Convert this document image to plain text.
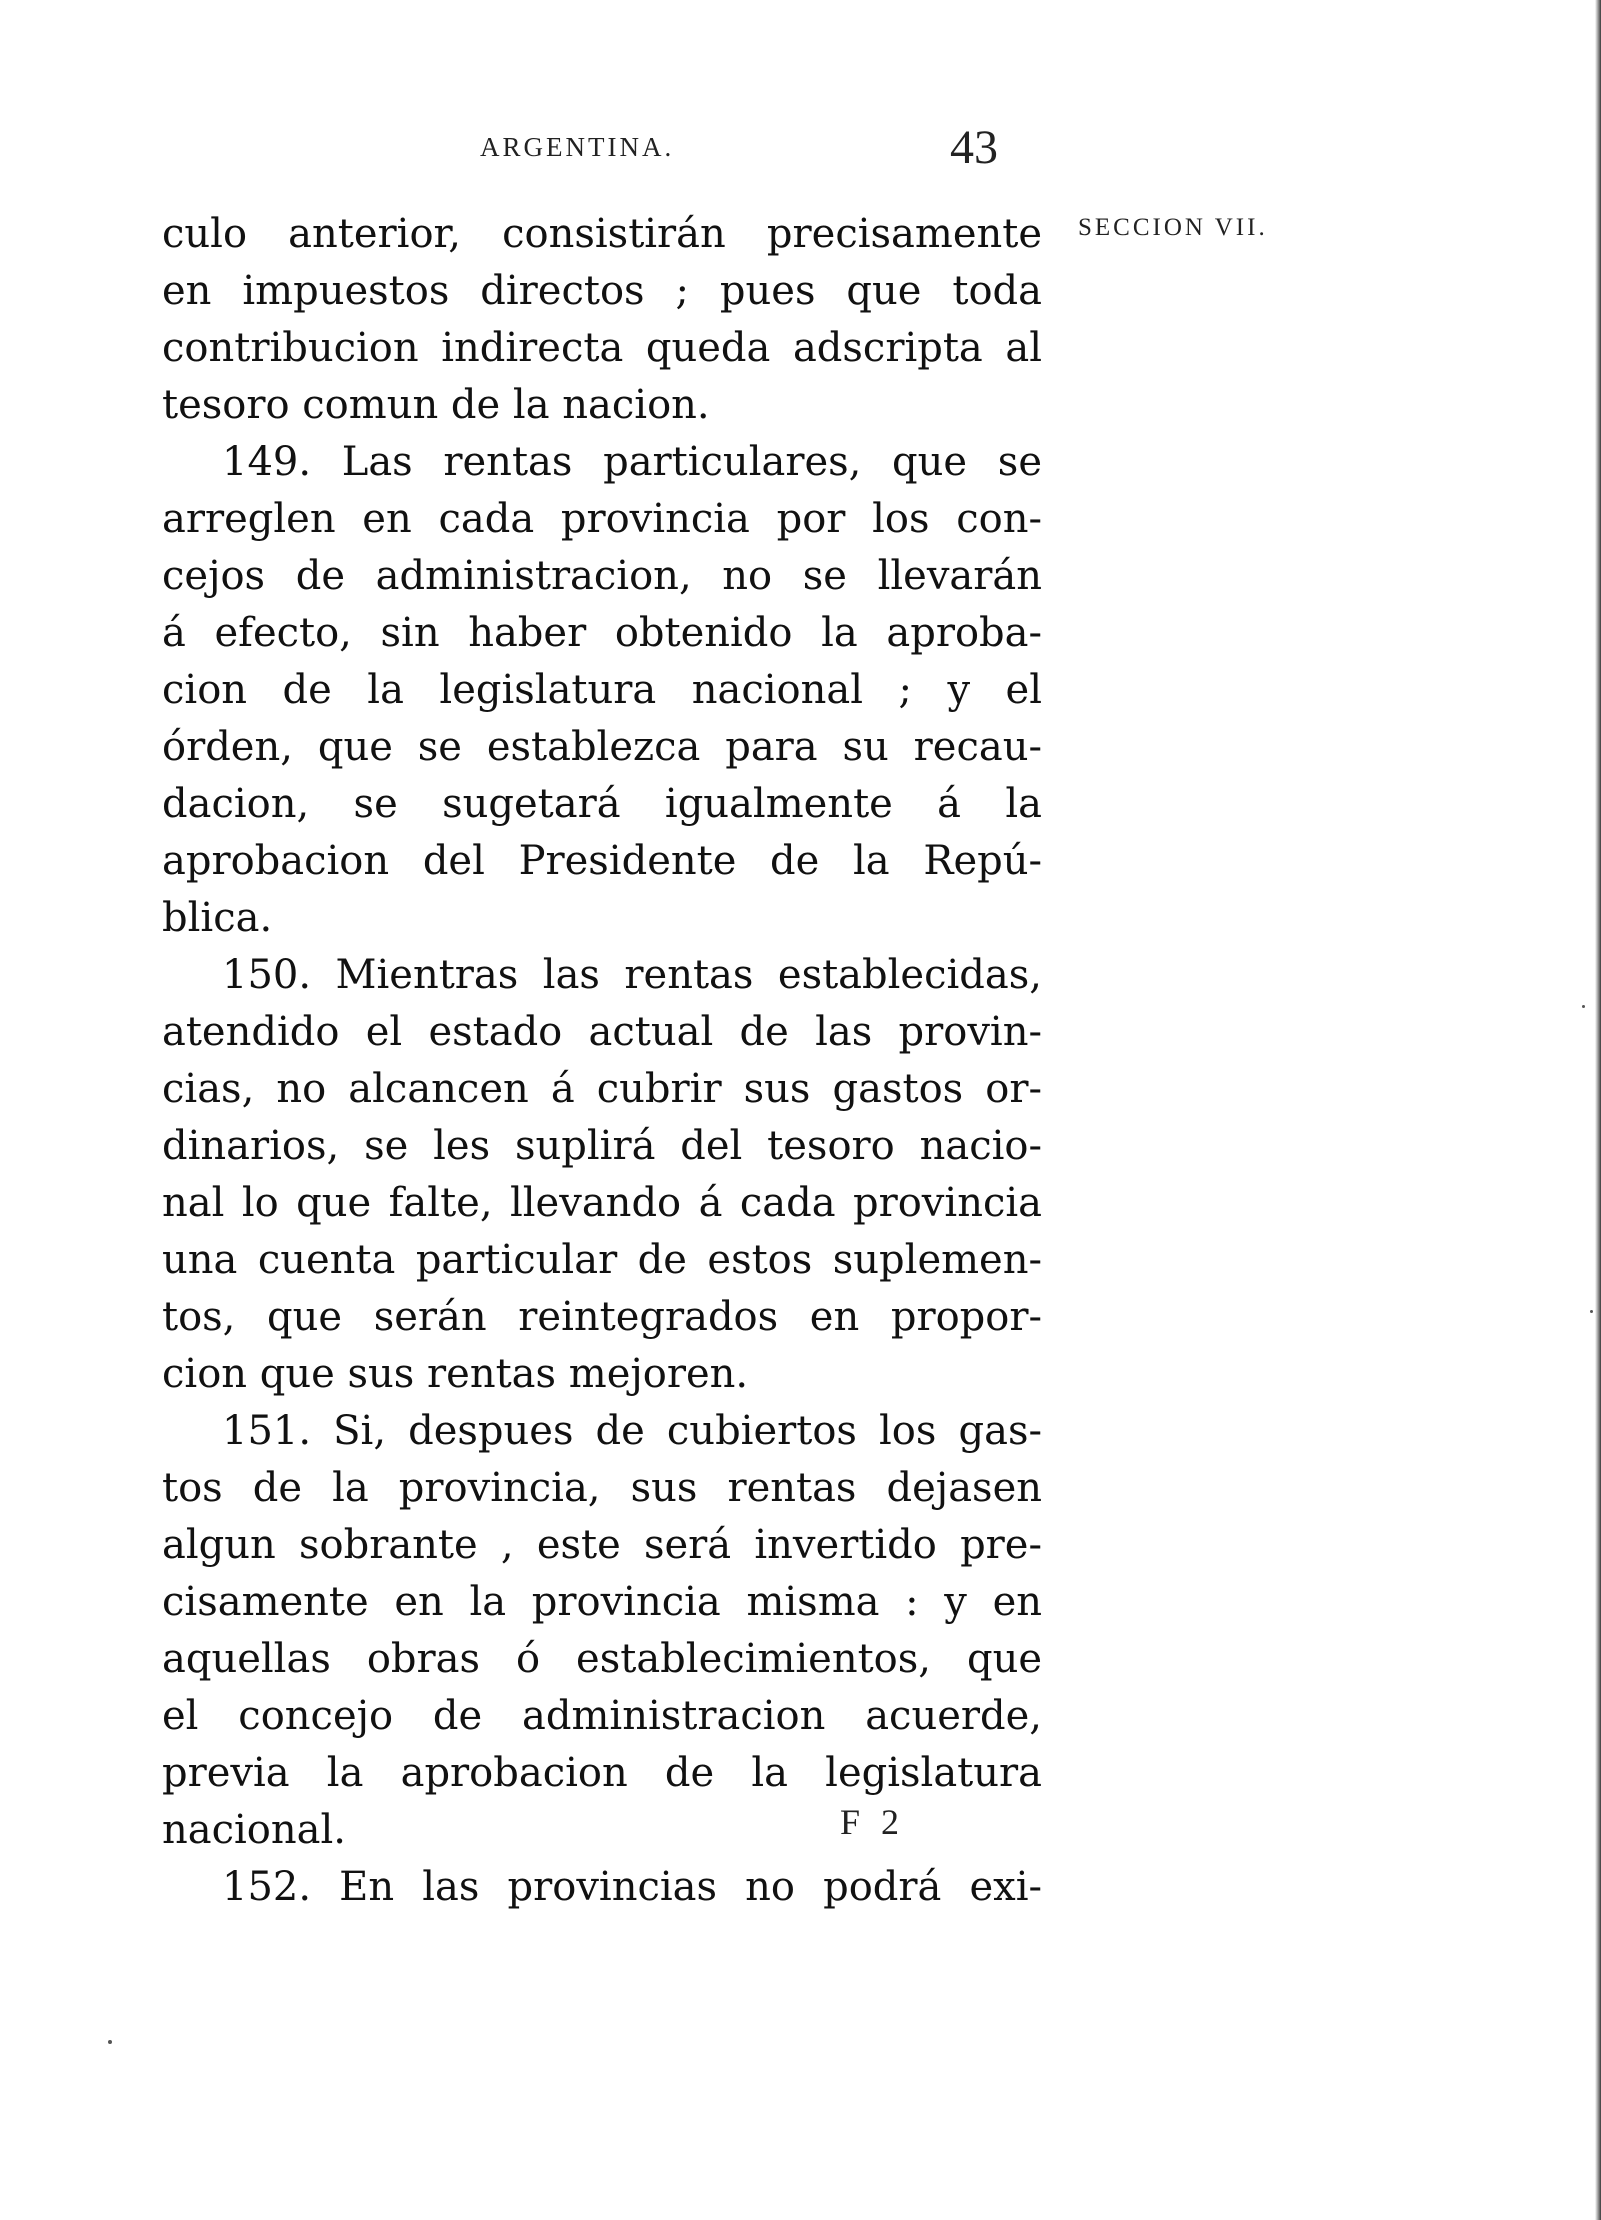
ARGENTINA.	43
SECCION VII.
culo anterior, consistirán precisamente
en impuestos directos ; pues que toda
contribucion indirecta queda adscripta al
tesoro comun de la nacion.
149. Las rentas particulares, que se
arreglen en cada provincia por los con-
cejos de administracion, no se llevarán
á efecto, sin haber obtenido la aproba-
cion de la legislatura nacional ; y el
órden, que se establezca para su recau-
dacion, se sugetará igualmente á la
aprobacion del Presidente de la Repú-
blica.
150. Mientras las rentas establecidas,
atendido el estado actual de las provin-
cias, no alcancen á cubrir sus gastos or-
dinarios, se les suplirá del tesoro nacio-
nal lo que falte, llevando á cada provincia
una cuenta particular de estos suplemen-
tos, que serán reintegrados en propor-
cion que sus rentas mejoren.
151. Si, despues de cubiertos los gas-
tos de la provincia, sus rentas dejasen
algun sobrante , este será invertido pre-
cisamente en la provincia misma : y en
aquellas obras ó establecimientos, que
el concejo de administracion acuerde,
previa la aprobacion de la legislatura
nacional.
152. En las provincias no podrá exi-
F 2
